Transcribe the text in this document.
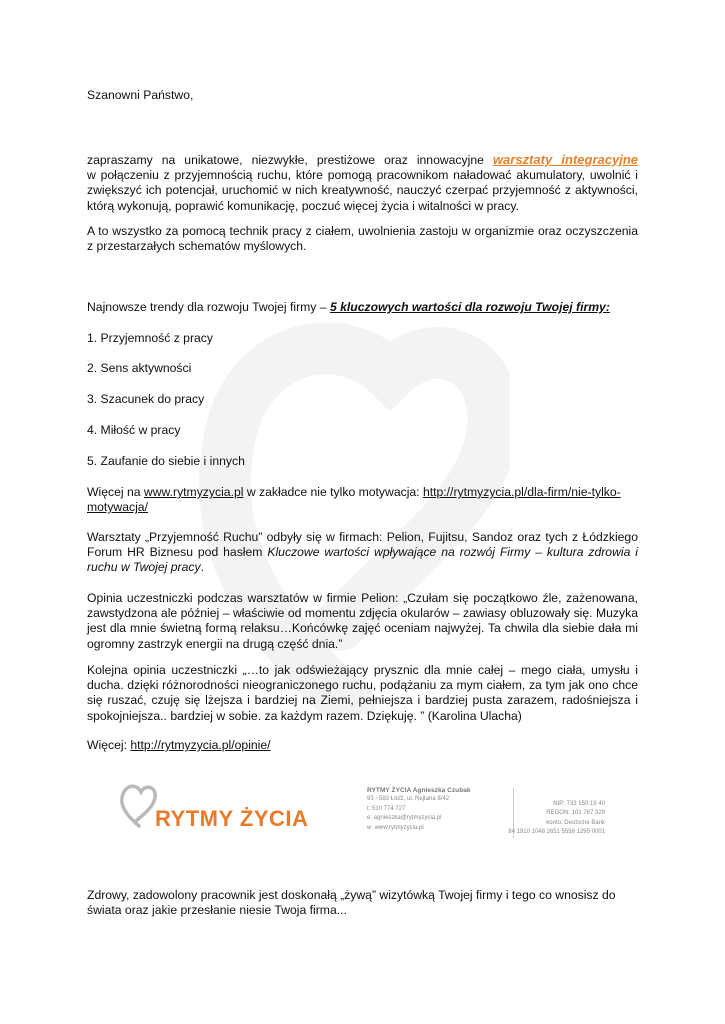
Szanowni Państwo,

zapraszamy na unikatowe, niezwykłe, prestiżowe oraz innowacyjne warsztaty integracyjne
w połączeniu z przyjemnością ruchu, które pomogą pracownikom naładować akumulatory, uwolnić i
zwiększyć ich potencjał, uruchomić w nich kreatywność, nauczyć czerpać przyjemność z aktywności,
którą wykonują, poprawić komunikację, poczuć więcej życia i witalności w pracy.

A to wszystko za pomocą technik pracy z ciałem, uwolnienia zastoju w organizmie oraz oczyszczenia z przestarzałych schematów myślowych.

Najnowsze trendy dla rozwoju Twojej firmy – 5 kluczowych wartości dla rozwoju Twojej firmy:

1. Przyjemność z pracy

2. Sens aktywności

3. Szacunek do pracy

4. Miłość w pracy

5. Zaufanie do siebie i innych

Więcej na www.rytmyzycia.pl w zakładce nie tylko motywacja: http://rytmyzycia.pl/dla-firm/nie-tylko-motywacja/

Warsztaty „Przyjemność Ruchu” odbyły się w firmach: Pelion, Fujitsu, Sandoz oraz tych z Łódzkiego Forum HR Biznesu pod hasłem Kluczowe wartości wpływające na rozwój Firmy – kultura zdrowia i ruchu w Twojej pracy.

Opinia uczestniczki podczas warsztatów w firmie Pelion: „Czułam się początkowo źle, zażenowana, zawstydzona ale później – właściwie od momentu zdjęcia okularów – zawiasy obluzowały się. Muzyka jest dla mnie świetną formą relaksu…Końcówkę zajęć oceniam najwyżej. Ta chwila dla siebie dała mi ogromny zastrzyk energii na drugą część dnia.”

Kolejna opinia uczestniczki „…to jak odświeżający prysznic dla mnie całej – mego ciała, umysłu i ducha. dzięki różnorodności nieograniczonego ruchu, podążaniu za mym ciałem, za tym jak ono chce się ruszać, czuję się lżejsza i bardziej na Ziemi, pełniejsza i bardziej pusta zarazem, radośniejsza i spokojniejsza.. bardziej w sobie. za każdym razem. Dziękuję. ” (Karolina Ulacha)

Więcej: http://rytmyzycia.pl/opinie/

RYTMY ŻYCIA
RYTMY ŻYCIA Agnieszka Czubak
93 - 583 Łódź, ul. Rejtana 8/42
t: 510 774 727
e: agnieszka@rytmyzycia.pl
w: www.rytmyzycia.pl
NIP: 733 150 19 40
REGON: 101 787 329
konto: Deutsche Bank
84 1910 1048 2651 5558 1295 0001

Zdrowy, zadowolony pracownik jest doskonałą „żywą” wizytówką Twojej firmy i tego co wnosisz do świata oraz jakie przesłanie niesie Twoja firma...
